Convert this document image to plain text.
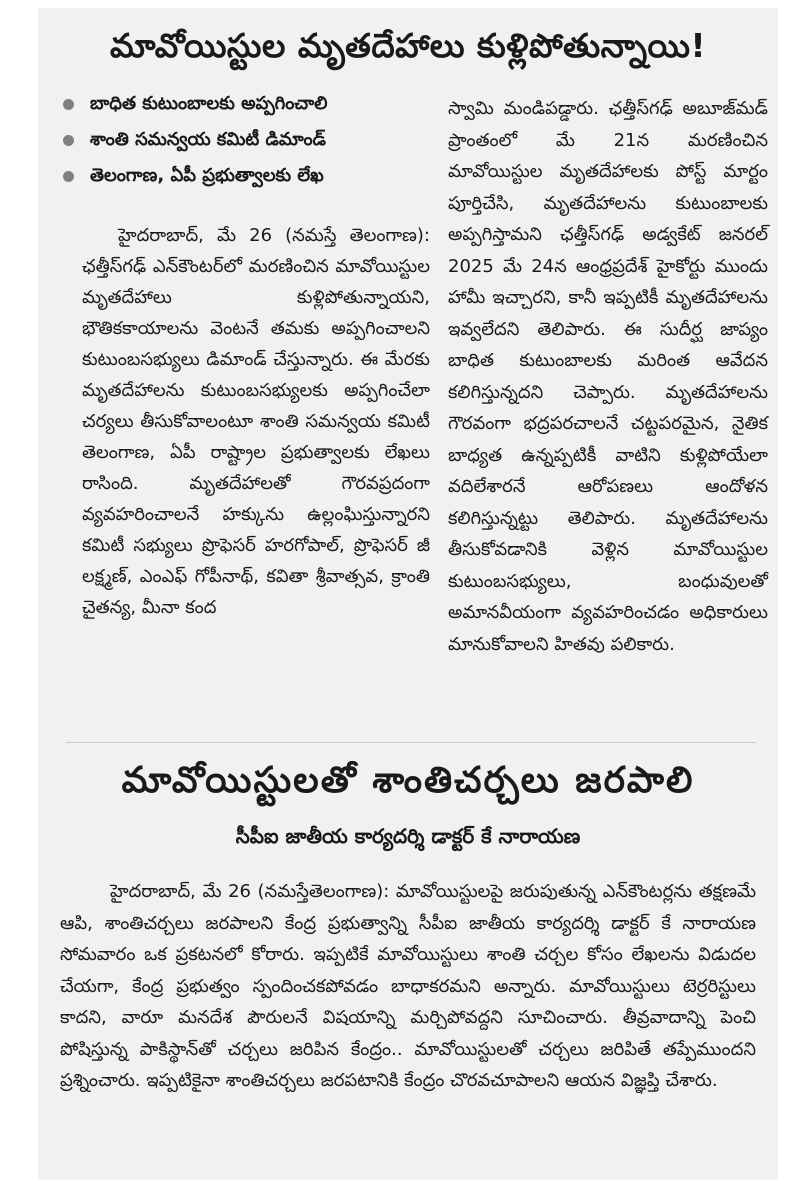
మావోయిస్టుల మృతదేహాలు కుళ్లిపోతున్నాయి!
బాధిత కుటుంబాలకు అప్పగించాలి
శాంతి సమన్వయ కమిటీ డిమాండ్
తెలంగాణ, ఏపీ ప్రభుత్వాలకు లేఖ

హైదరాబాద్, మే 26 (నమస్తే తెలంగాణ): ఛత్తీస్‌గఢ్ ఎన్‌కౌంటర్‌లో మరణించిన మావోయిస్టుల మృతదేహాలు కుళ్లిపోతున్నాయని, భౌతికకాయాలను వెంటనే తమకు అప్పగించాలని కుటుంబసభ్యులు డిమాండ్ చేస్తున్నారు. ఈ మేరకు మృతదేహాలను కుటుంబసభ్యులకు అప్పగించేలా చర్యలు తీసుకోవాలంటూ శాంతి సమన్వయ కమిటీ తెలంగాణ, ఏపీ రాష్ట్రాల ప్రభుత్వాలకు లేఖలు రాసింది. మృతదేహాలతో గౌరవప్రదంగా వ్యవహరించాలనే హక్కును ఉల్లంఘిస్తున్నారని కమిటీ సభ్యులు ప్రొఫెసర్ హరగోపాల్, ప్రొఫెసర్ జీ లక్ష్మణ్, ఎంఎఫ్ గోపీనాథ్, కవితా శ్రీవాత్సవ, క్రాంతి చైతన్య, మీనా కంద

స్వామి మండిపడ్డారు. ఛత్తీస్‌గఢ్ అబూజ్‌మడ్ ప్రాంతంలో మే 21న మరణించిన మావోయిస్టుల మృతదేహాలకు పోస్ట్ మార్టం పూర్తిచేసి, మృతదేహాలను కుటుంబాలకు అప్పగిస్తామని ఛత్తీస్‌గఢ్ అడ్వకేట్ జనరల్ 2025 మే 24న ఆంధ్రప్రదేశ్ హైకోర్టు ముందు హామీ ఇచ్చారని, కానీ ఇప్పటికీ మృతదేహాలను ఇవ్వలేదని తెలిపారు. ఈ సుదీర్ఘ జాప్యం బాధిత కుటుంబాలకు మరింత ఆవేదన కలిగిస్తున్నదని చెప్పారు. మృతదేహాలను గౌరవంగా భద్రపరచాలనే చట్టపరమైన, నైతిక బాధ్యత ఉన్నప్పటికీ వాటిని కుళ్లిపోయేలా వదిలేశారనే ఆరోపణలు ఆందోళన కలిగిస్తున్నట్టు తెలిపారు. మృతదేహాలను తీసుకోవడానికి వెళ్లిన మావోయిస్టుల కుటుంబసభ్యులు, బంధువులతో అమానవీయంగా వ్యవహరించడం అధికారులు మానుకోవాలని హితవు పలికారు.

మావోయిస్టులతో శాంతిచర్చలు జరపాలి
సీపీఐ జాతీయ కార్యదర్శి డాక్టర్ కే నారాయణ

హైదరాబాద్, మే 26 (నమస్తేతెలంగాణ): మావోయిస్టులపై జరుపుతున్న ఎన్‌కౌంటర్లను తక్షణమే ఆపి, శాంతిచర్చలు జరపాలని కేంద్ర ప్రభుత్వాన్ని సీపీఐ జాతీయ కార్యదర్శి డాక్టర్ కే నారాయణ సోమవారం ఒక ప్రకటనలో కోరారు. ఇప్పటికే మావోయిస్టులు శాంతి చర్చల కోసం లేఖలను విడుదల చేయగా, కేంద్ర ప్రభుత్వం స్పందించకపోవడం బాధాకరమని అన్నారు. మావోయిస్టులు టెర్రరిస్టులు కాదని, వారూ మనదేశ పౌరులనే విషయాన్ని మర్చిపోవద్దని సూచించారు. తీవ్రవాదాన్ని పెంచి పోషిస్తున్న పాకిస్థాన్‌తో చర్చలు జరిపిన కేంద్రం.. మావోయిస్టులతో చర్చలు జరిపితే తప్పేముందని ప్రశ్నించారు. ఇప్పటికైనా శాంతిచర్చలు జరపటానికి కేంద్రం చొరవచూపాలని ఆయన విజ్ఞప్తి చేశారు.
